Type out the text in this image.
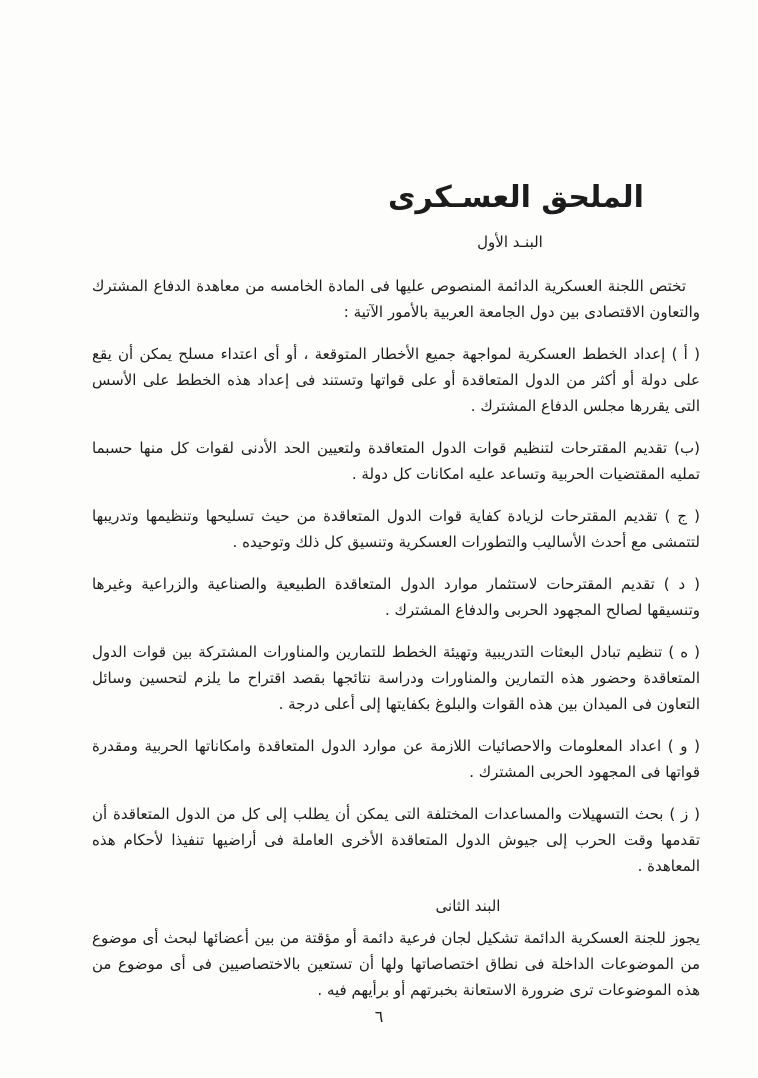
الملحق العسـكرى
البنـد الأول

تختص اللجنة العسكرية الدائمة المنصوص عليها فى المادة الخامسه من معاهدة الدفاع المشترك والتعاون الاقتصادى بين دول الجامعة العربية بالأمور الآتية :

( أ ) إعداد الخطط العسكرية لمواجهة جميع الأخطار المتوقعة ، أو أى اعتداء مسلح يمكن أن يقع على دولة أو أكثر من الدول المتعاقدة أو على قواتها وتستند فى إعداد هذه الخطط على الأسس التى يقررها مجلس الدفاع المشترك .

(ب) تقديم المقترحات لتنظيم قوات الدول المتعاقدة ولتعيين الحد الأدنى لقوات كل منها حسبما تمليه المقتضيات الحربية وتساعد عليه امكانات كل دولة .

( ج ) تقديم المقترحات لزيادة كفاية قوات الدول المتعاقدة من حيث تسليحها وتنظيمها وتدريبها لتتمشى مع أحدث الأساليب والتطورات العسكرية وتنسيق كل ذلك وتوحيده .

( د ) تقديم المقترحات لاستثمار موارد الدول المتعاقدة الطبيعية والصناعية والزراعية وغيرها وتنسيقها لصالح المجهود الحربى والدفاع المشترك .

( ه ) تنظيم تبادل البعثات التدريبية وتهيئة الخطط للتمارين والمناورات المشتركة بين قوات الدول المتعاقدة وحضور هذه التمارين والمناورات ودراسة نتائجها بقصد اقتراح ما يلزم لتحسين وسائل التعاون فى الميدان بين هذه القوات والبلوغ بكفايتها إلى أعلى درجة .

( و ) اعداد المعلومات والاحصائيات اللازمة عن موارد الدول المتعاقدة وامكاناتها الحربية ومقدرة قواتها فى المجهود الحربى المشترك .

( ز ) بحث التسهيلات والمساعدات المختلفة التى يمكن أن يطلب إلى كل من الدول المتعاقدة أن تقدمها وقت الحرب إلى جيوش الدول المتعاقدة الأخرى العاملة فى أراضيها تنفيذا لأحكام هذه المعاهدة .

البند الثانى

يجوز للجنة العسكرية الدائمة تشكيل لجان فرعية دائمة أو مؤقتة من بين أعضائها لبحث أى موضوع من الموضوعات الداخلة فى نطاق اختصاصاتها ولها أن تستعين بالاختصاصيين فى أى موضوع من هذه الموضوعات ترى ضرورة الاستعانة بخبرتهم أو برأيهم فيه .

٦
